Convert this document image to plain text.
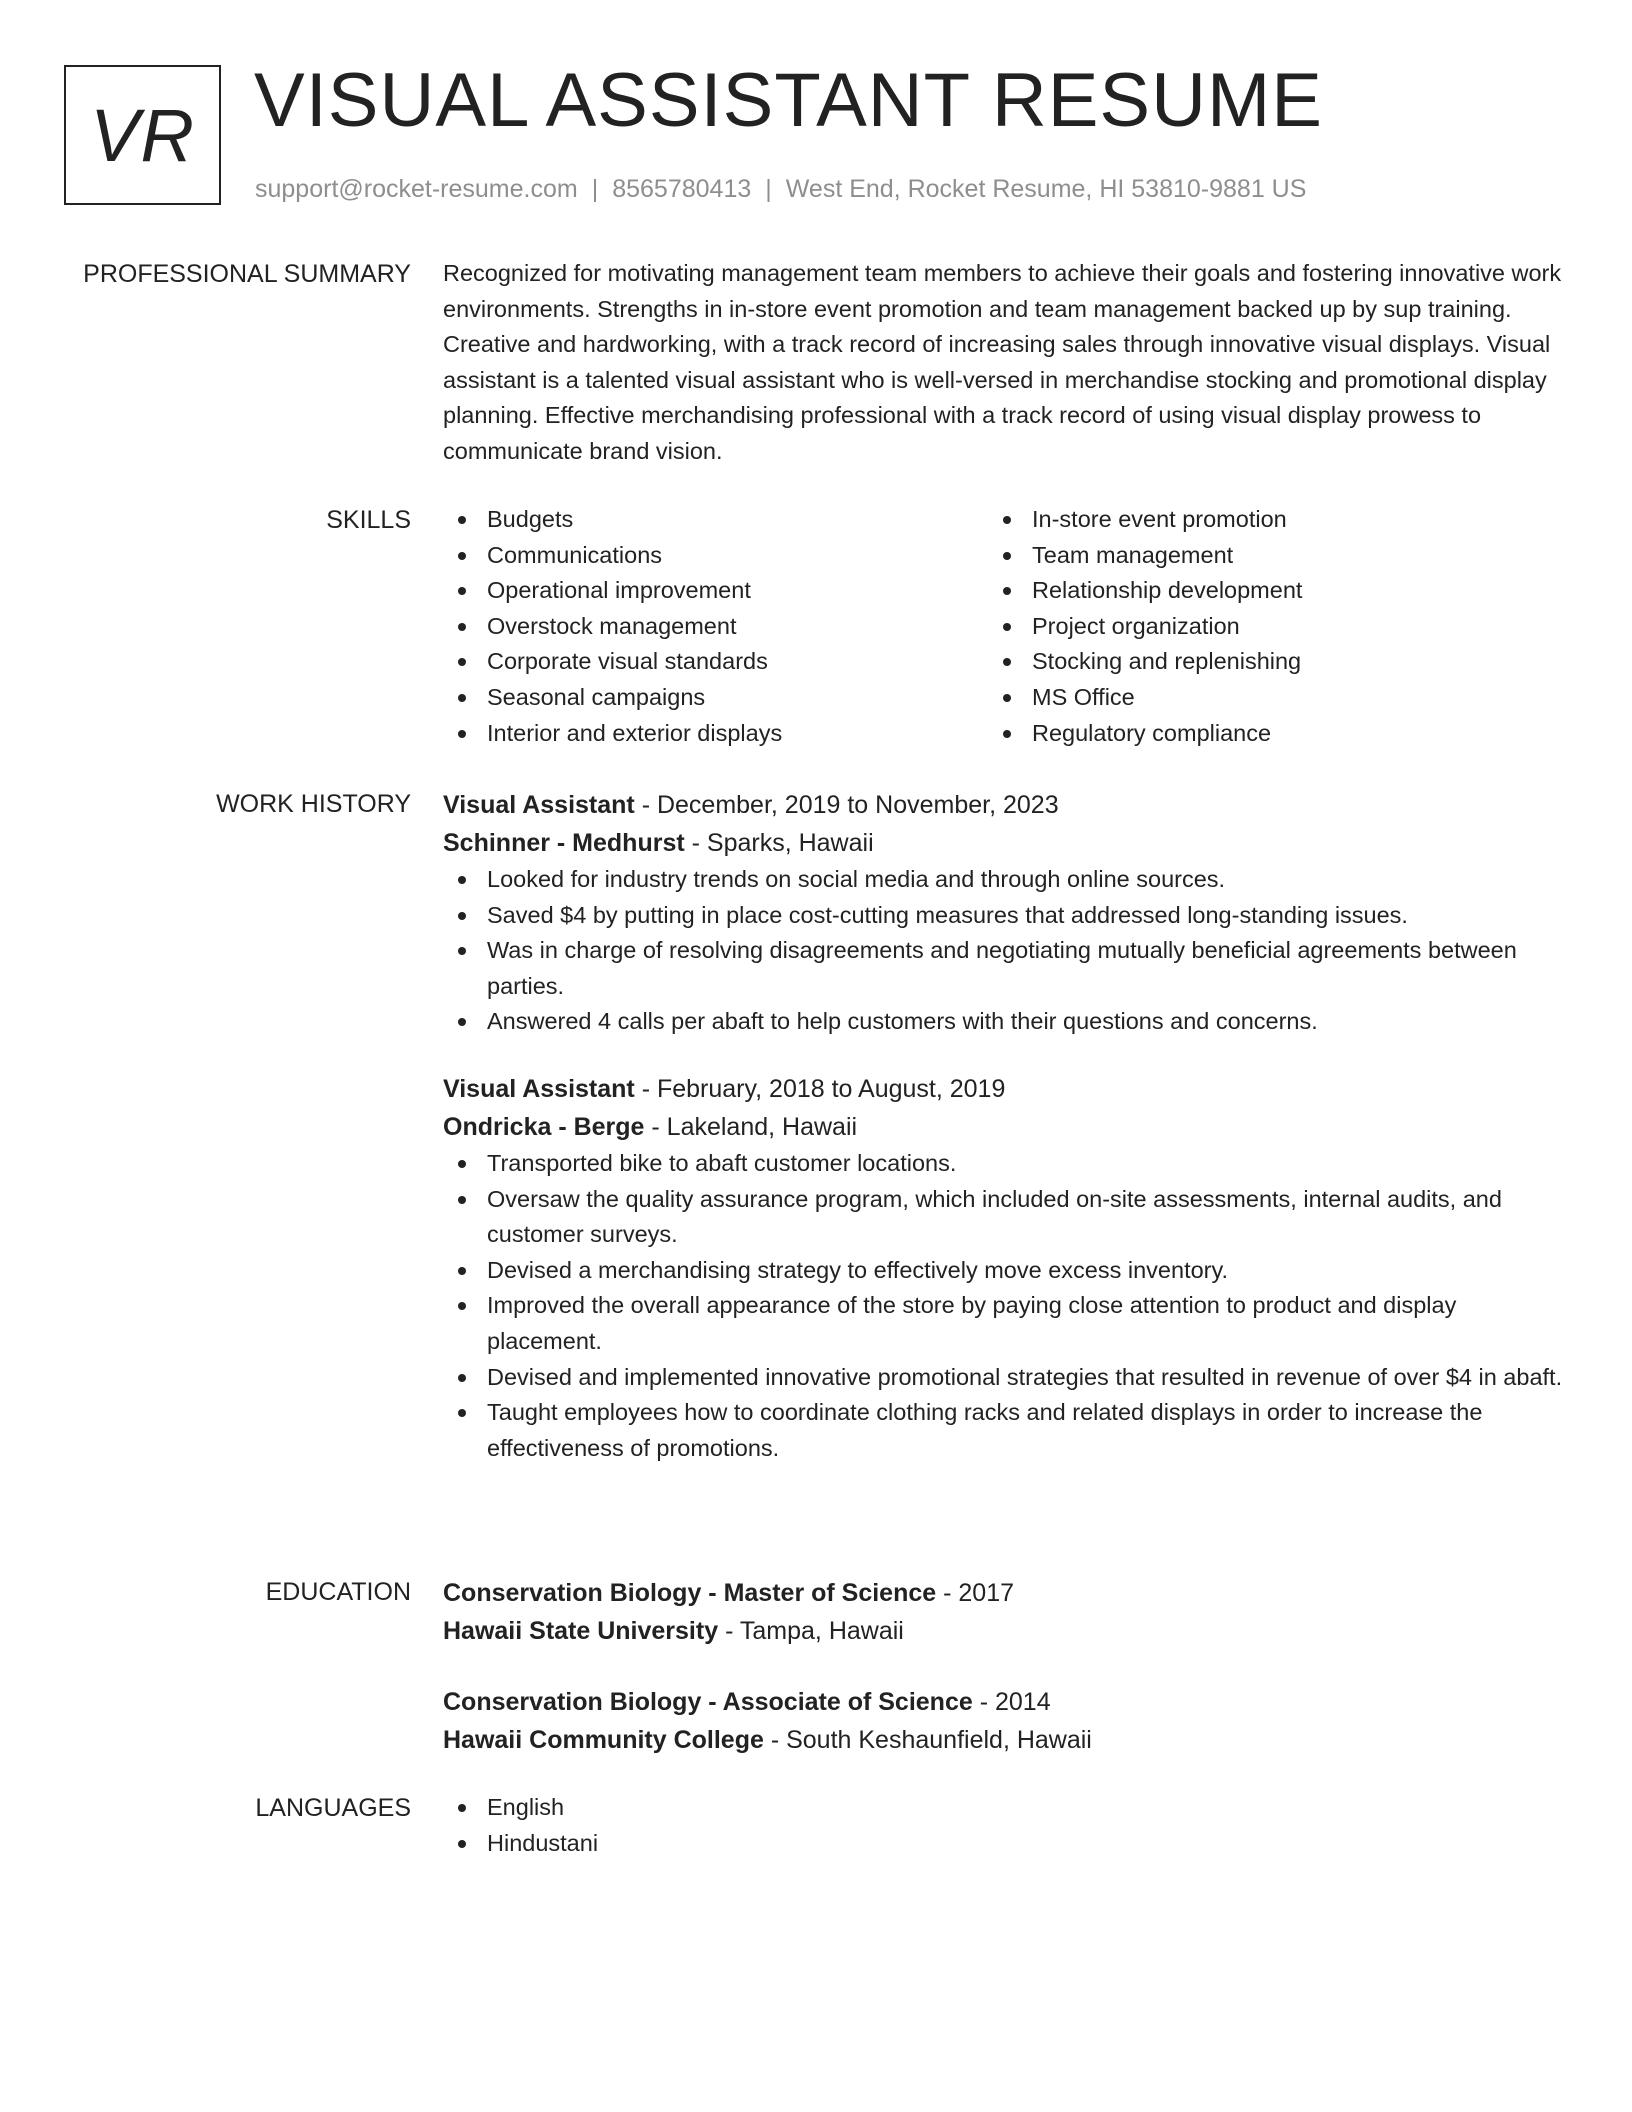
VR VISUAL ASSISTANT RESUME
support@rocket-resume.com | 8565780413 | West End, Rocket Resume, HI 53810-9881 US
PROFESSIONAL SUMMARY Recognized for motivating management team members to achieve their goals and fostering innovative work environments. Strengths in in-store event promotion and team management backed up by sup training. Creative and hardworking, with a track record of increasing sales through innovative visual displays. Visual assistant is a talented visual assistant who is well-versed in merchandise stocking and promotional display planning. Effective merchandising professional with a track record of using visual display prowess to communicate brand vision.

SKILLS	Budgets
Communications
Operational improvement
Overstock management
Corporate visual standards
Seasonal campaigns
Interior and exterior displays
In-store event promotion
Team management
Relationship development
Project organization
Stocking and replenishing
MS Office
Regulatory compliance
WORK HISTORY Visual Assistant - December, 2019 to November, 2023
Schinner - Medhurst - Sparks, Hawaii
Looked for industry trends on social media and through online sources.
Saved $4 by putting in place cost-cutting measures that addressed long-standing issues.
Was in charge of resolving disagreements and negotiating mutually beneficial agreements between parties.
Answered 4 calls per abaft to help customers with their questions and concerns.
Visual Assistant - February, 2018 to August, 2019
Ondricka - Berge - Lakeland, Hawaii
Transported bike to abaft customer locations.
Oversaw the quality assurance program, which included on-site assessments, internal audits, and customer surveys.
Devised a merchandising strategy to effectively move excess inventory.
Improved the overall appearance of the store by paying close attention to product and display placement.
Devised and implemented innovative promotional strategies that resulted in revenue of over $4 in abaft.
Taught employees how to coordinate clothing racks and related displays in order to increase the effectiveness of promotions.
EDUCATION Conservation Biology - Master of Science - 2017
Hawaii State University - Tampa, Hawaii
Conservation Biology - Associate of Science - 2014
Hawaii Community College - South Keshaunfield, Hawaii
LANGUAGES	English
Hindustani
